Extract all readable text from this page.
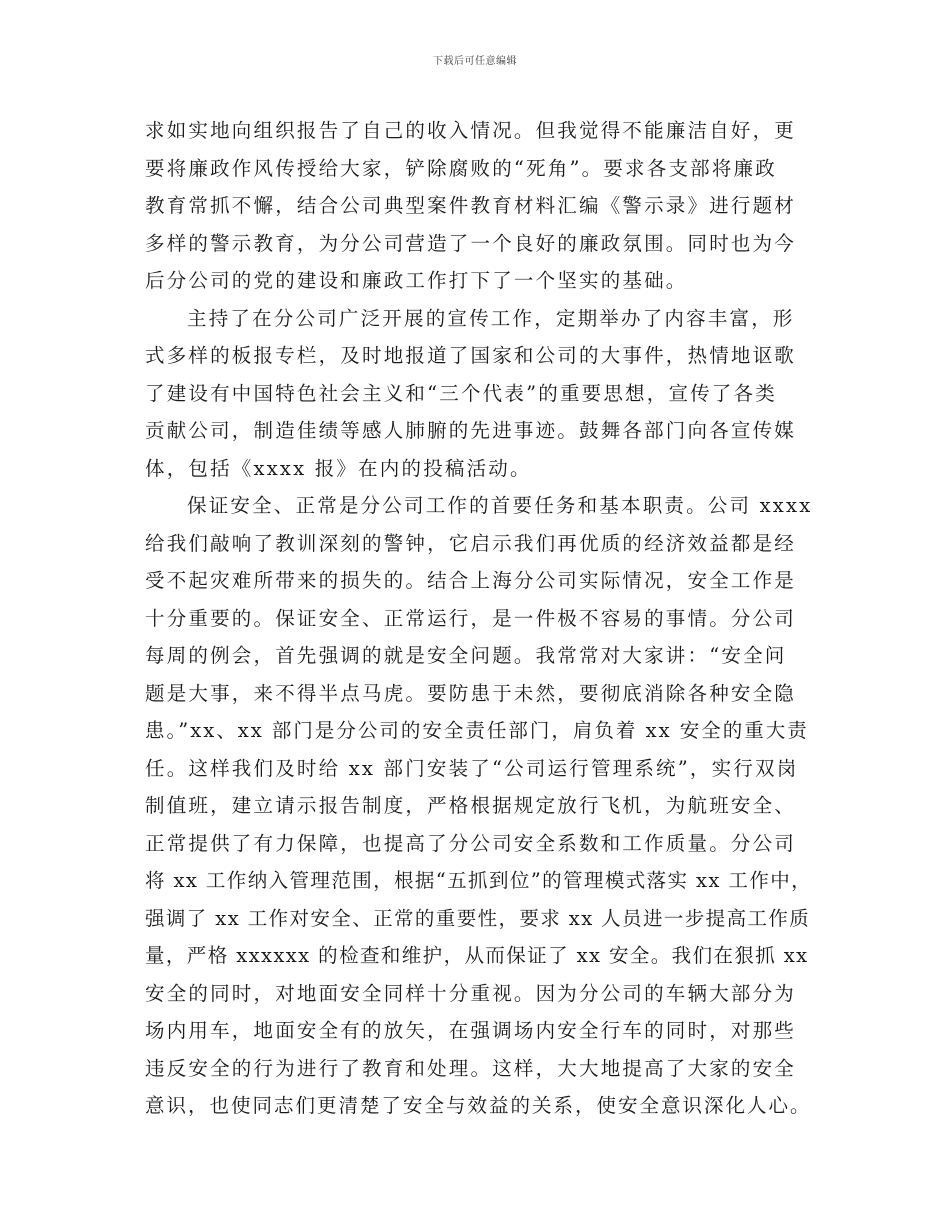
下载后可任意编辑
求如实地向组织报告了自己的收入情况。但我觉得不能廉洁自好，更
要将廉政作风传授给大家，铲除腐败的“死角”。要求各支部将廉政
教育常抓不懈，结合公司典型案件教育材料汇编《警示录》进行题材
多样的警示教育，为分公司营造了一个良好的廉政氛围。同时也为今
后分公司的党的建设和廉政工作打下了一个坚实的基础。
主持了在分公司广泛开展的宣传工作，定期举办了内容丰富，形
式多样的板报专栏，及时地报道了国家和公司的大事件，热情地讴歌
了建设有中国特色社会主义和“三个代表”的重要思想，宣传了各类
贡献公司，制造佳绩等感人肺腑的先进事迹。鼓舞各部门向各宣传媒
体，包括《xxxx 报》在内的投稿活动。
保证安全、正常是分公司工作的首要任务和基本职责。公司 xxxx
给我们敲响了教训深刻的警钟，它启示我们再优质的经济效益都是经
受不起灾难所带来的损失的。结合上海分公司实际情况，安全工作是
十分重要的。保证安全、正常运行，是一件极不容易的事情。分公司
每周的例会，首先强调的就是安全问题。我常常对大家讲：“安全问
题是大事，来不得半点马虎。要防患于未然，要彻底消除各种安全隐
患。”xx、xx 部门是分公司的安全责任部门，肩负着 xx 安全的重大责
任。这样我们及时给 xx 部门安装了“公司运行管理系统”，实行双岗
制值班，建立请示报告制度，严格根据规定放行飞机，为航班安全、
正常提供了有力保障，也提高了分公司安全系数和工作质量。分公司
将 xx 工作纳入管理范围，根据“五抓到位”的管理模式落实 xx 工作中，
强调了 xx 工作对安全、正常的重要性，要求 xx 人员进一步提高工作质
量，严格 xxxxxx 的检查和维护，从而保证了 xx 安全。我们在狠抓 xx
安全的同时，对地面安全同样十分重视。因为分公司的车辆大部分为
场内用车，地面安全有的放矢，在强调场内安全行车的同时，对那些
违反安全的行为进行了教育和处理。这样，大大地提高了大家的安全
意识，也使同志们更清楚了安全与效益的关系，使安全意识深化人心。
